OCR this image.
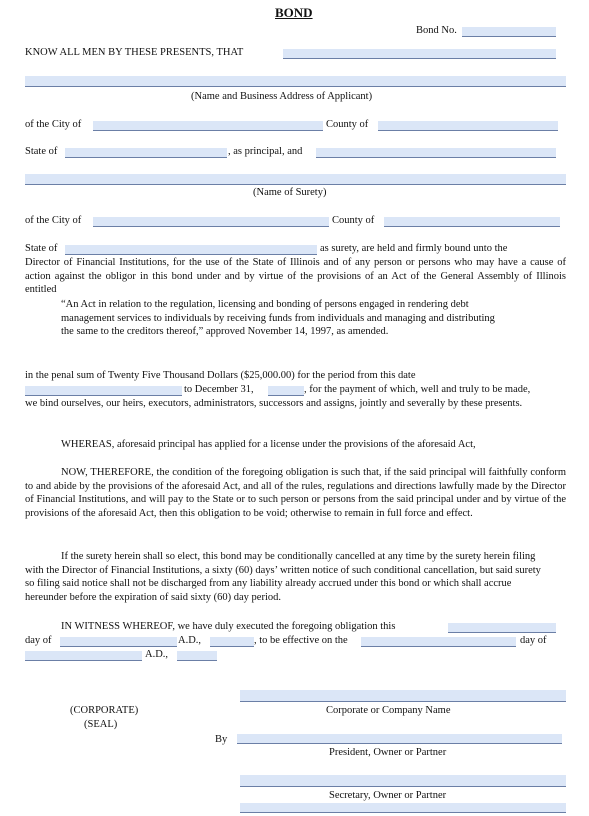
BOND
Bond No.
KNOW ALL MEN BY THESE PRESENTS, THAT
(Name and Business Address of Applicant)
of the City of	County of
State of	, as principal, and
(Name of Surety)
of the City of	County of
State of	as surety, are held and firmly bound unto the
Director of Financial Institutions, for the use of the State of Illinois and of any person or persons who may have a cause of action against the obligor in this bond under and by virtue of the provisions of an Act of the General Assembly of Illinois entitled
“An Act in relation to the regulation, licensing and bonding of persons engaged in rendering debt management services to individuals by receiving funds from individuals and managing and distributing the same to the creditors thereof,” approved November 14, 1997, as amended.
in the penal sum of Twenty Five Thousand Dollars ($25,000.00) for the period from this date
to December 31,	, for the payment of which, well and truly to be made,
we bind ourselves, our heirs, executors, administrators, successors and assigns, jointly and severally by these presents.
WHEREAS, aforesaid principal has applied for a license under the provisions of the aforesaid Act,
NOW, THEREFORE, the condition of the foregoing obligation is such that, if the said principal will faithfully conform to and abide by the provisions of the aforesaid Act, and all of the rules, regulations and directions lawfully made by the Director of Financial Institutions, and will pay to the State or to such person or persons from the said principal under and by virtue of the provisions of the aforesaid Act, then this obligation to be void; otherwise to remain in full force and effect.
If the surety herein shall so elect, this bond may be conditionally cancelled at any time by the surety herein filing with the Director of Financial Institutions, a sixty (60) days’ written notice of such conditional cancellation, but said surety so filing said notice shall not be discharged from any liability already accrued under this bond or which shall accrue hereunder before the expiration of said sixty (60) day period.
IN WITNESS WHEREOF, we have duly executed the foregoing obligation this
day of	A.D.,	, to be effective on the	day of
A.D.,
Corporate or Company Name
(CORPORATE)
(SEAL)
By
President, Owner or Partner
Secretary, Owner or Partner
